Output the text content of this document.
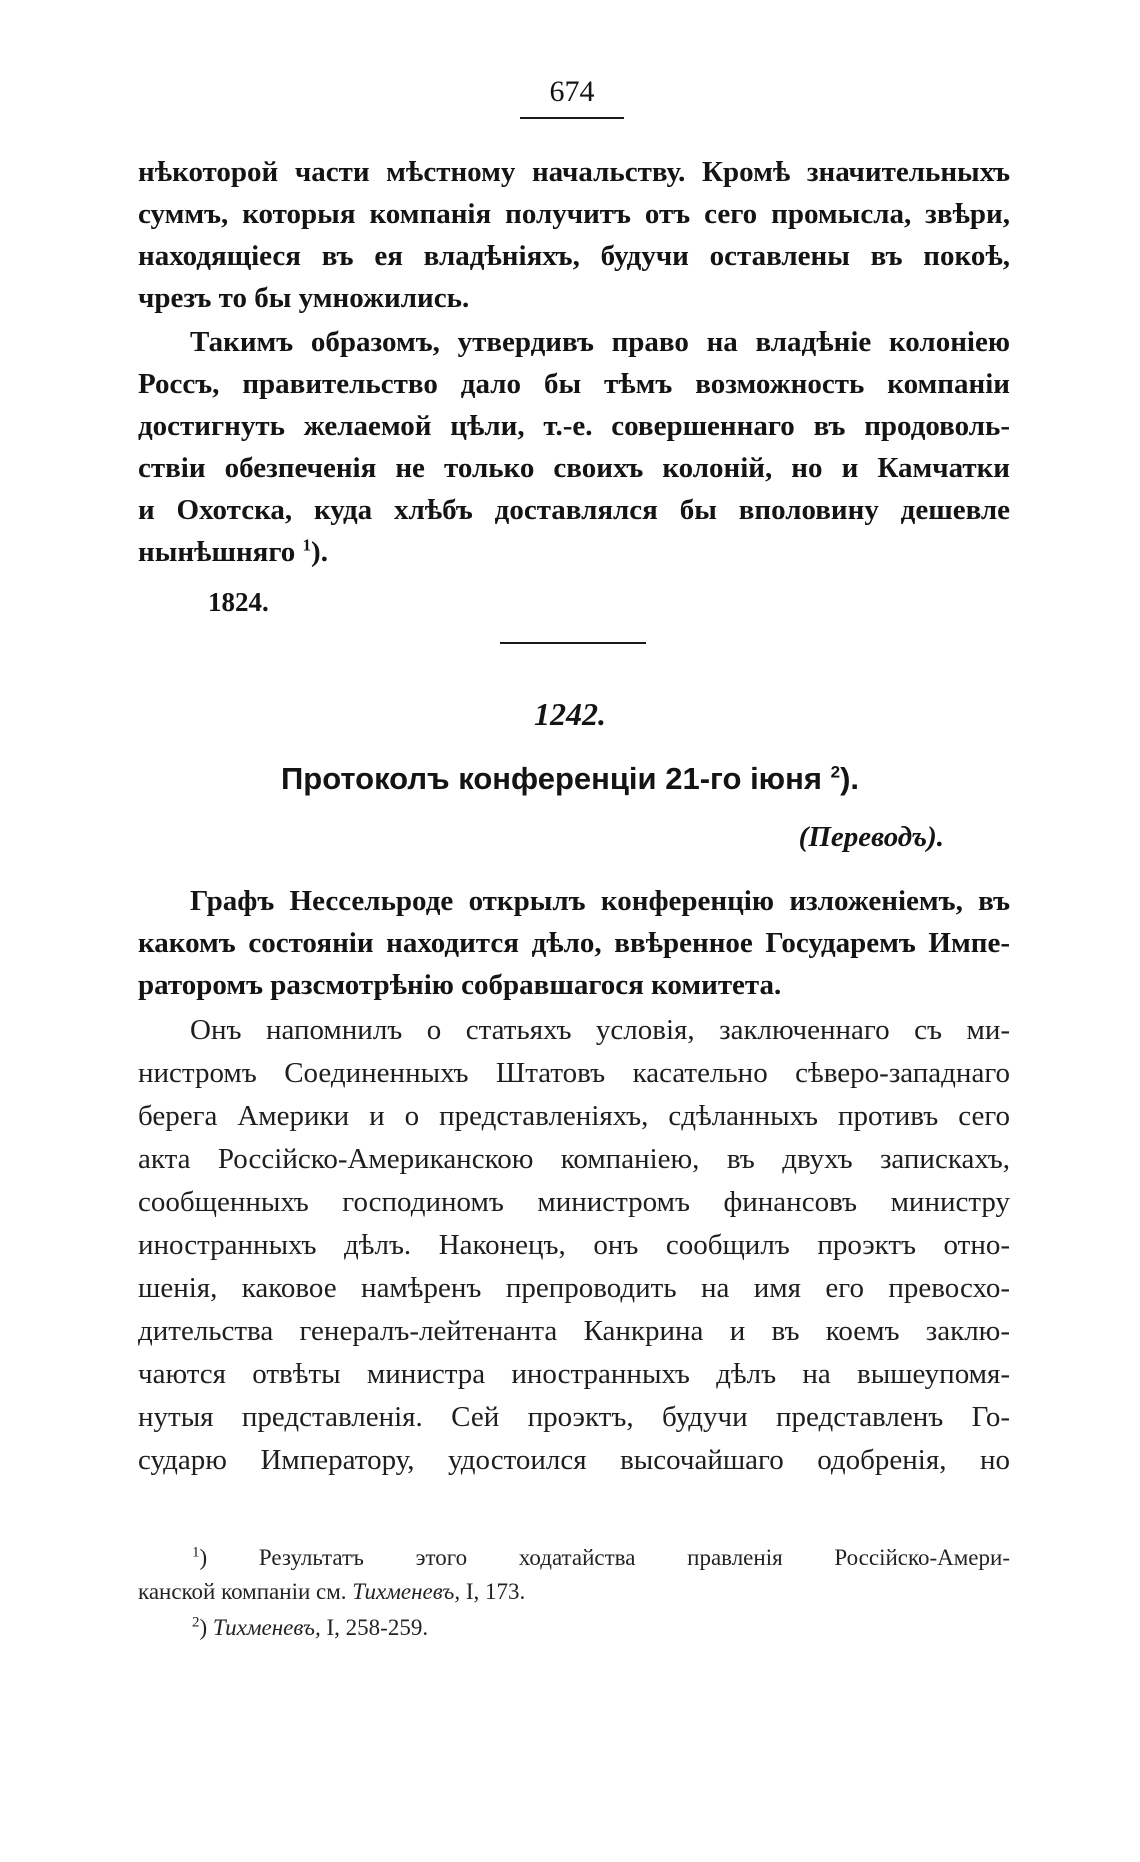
674

нѣкоторой части мѣстному начальству. Кромѣ значительныхъ

суммъ, которыя компанія получитъ отъ сего промысла, звѣри,

находящіеся въ ея владѣніяхъ, будучи оставлены въ покоѣ,

чрезъ то бы умножились.

Такимъ образомъ, утвердивъ право на владѣніе колоніею

Россъ, правительство дало бы тѣмъ возможность компаніи

достигнуть желаемой цѣли, т.-е. совершеннаго въ продоволь-

ствіи обезпеченія не только своихъ колоній, но и Камчатки

и Охотска, куда хлѣбъ доставлялся бы вполовину дешевле

нынѣшняго $^1$).

1824.
1242.
Протоколъ конференціи 21-го іюня $^2$).
(Переводъ).

Графъ Нессельроде открылъ конференцію изложеніемъ, въ

какомъ состояніи находится дѣло, ввѣренное Государемъ Импе-

раторомъ разсмотрѣнію собравшагося комитета.

Онъ напомнилъ о статьяхъ условія, заключеннаго съ ми-

нистромъ Соединенныхъ Штатовъ касательно сѣверо-западнаго

берега Америки и о представленіяхъ, сдѣланныхъ противъ сего

акта Россійско-Американскою компаніею, въ двухъ запискахъ,

сообщенныхъ господиномъ министромъ финансовъ министру

иностранныхъ дѣлъ. Наконецъ, онъ сообщилъ проэктъ отно-

шенія, каковое намѣренъ препроводить на имя его превосхо-

дительства генералъ-лейтенанта Канкрина и въ коемъ заклю-

чаются отвѣты министра иностранныхъ дѣлъ на вышеупомя-

нутыя представленія. Сей проэктъ, будучи представленъ Го-

сударю Императору, удостоился высочайшаго одобренія, но

$^1$) Результатъ этого ходатайства правленія Россійско-Амери-

канской компаніи см. Тихменевъ, I, 173.

$^2$) Тихменевъ, I, 258-259.
